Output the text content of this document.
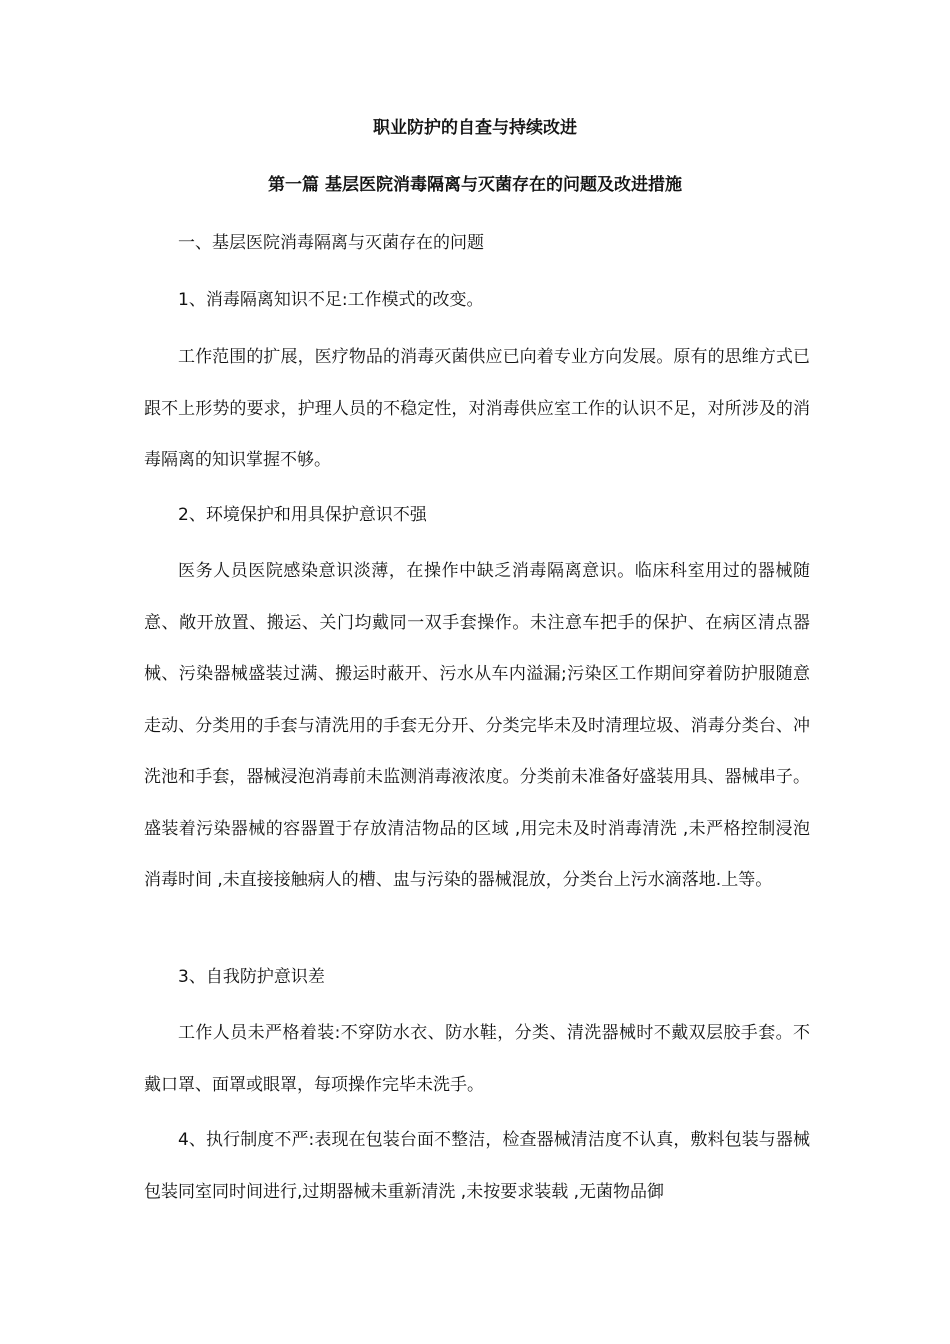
职业防护的自查与持续改进
第一篇 基层医院消毒隔离与灭菌存在的问题及改进措施

一、基层医院消毒隔离与灭菌存在的问题

1、消毒隔离知识不足:工作模式的改变。

工作范围的扩展，医疗物品的消毒灭菌供应已向着专业方向发展。原有的思维方式已跟不上形势的要求，护理人员的不稳定性，对消毒供应室工作的认识不足，对所涉及的消毒隔离的知识掌握不够。

2、环境保护和用具保护意识不强

医务人员医院感染意识淡薄，在操作中缺乏消毒隔离意识。临床科室用过的器械随意、敞开放置、搬运、关门均戴同一双手套操作。未注意车把手的保护、在病区清点器械、污染器械盛装过满、搬运时蔽开、污水从车内溢漏;污染区工作期间穿着防护服随意走动、分类用的手套与清洗用的手套无分开、分类完毕未及时清理垃圾、消毒分类台、冲洗池和手套，器械浸泡消毒前未监测消毒液浓度。分类前未准备好盛装用具、器械串子。盛装着污染器械的容器置于存放清洁物品的区域 ,用完未及时消毒清洗 ,未严格控制浸泡消毒时间 ,未直接接触病人的槽、盅与污染的器械混放，分类台上污水滴落地.上等。

3、自我防护意识差

工作人员未严格着装:不穿防水衣、防水鞋，分类、清洗器械时不戴双层胶手套。不戴口罩、面罩或眼罩，每项操作完毕未洗手。

4、执行制度不严:表现在包装台面不整洁，检查器械清洁度不认真，敷料包装与器械包装同室同时间进行,过期器械未重新清洗 ,未按要求装载 ,无菌物品御
